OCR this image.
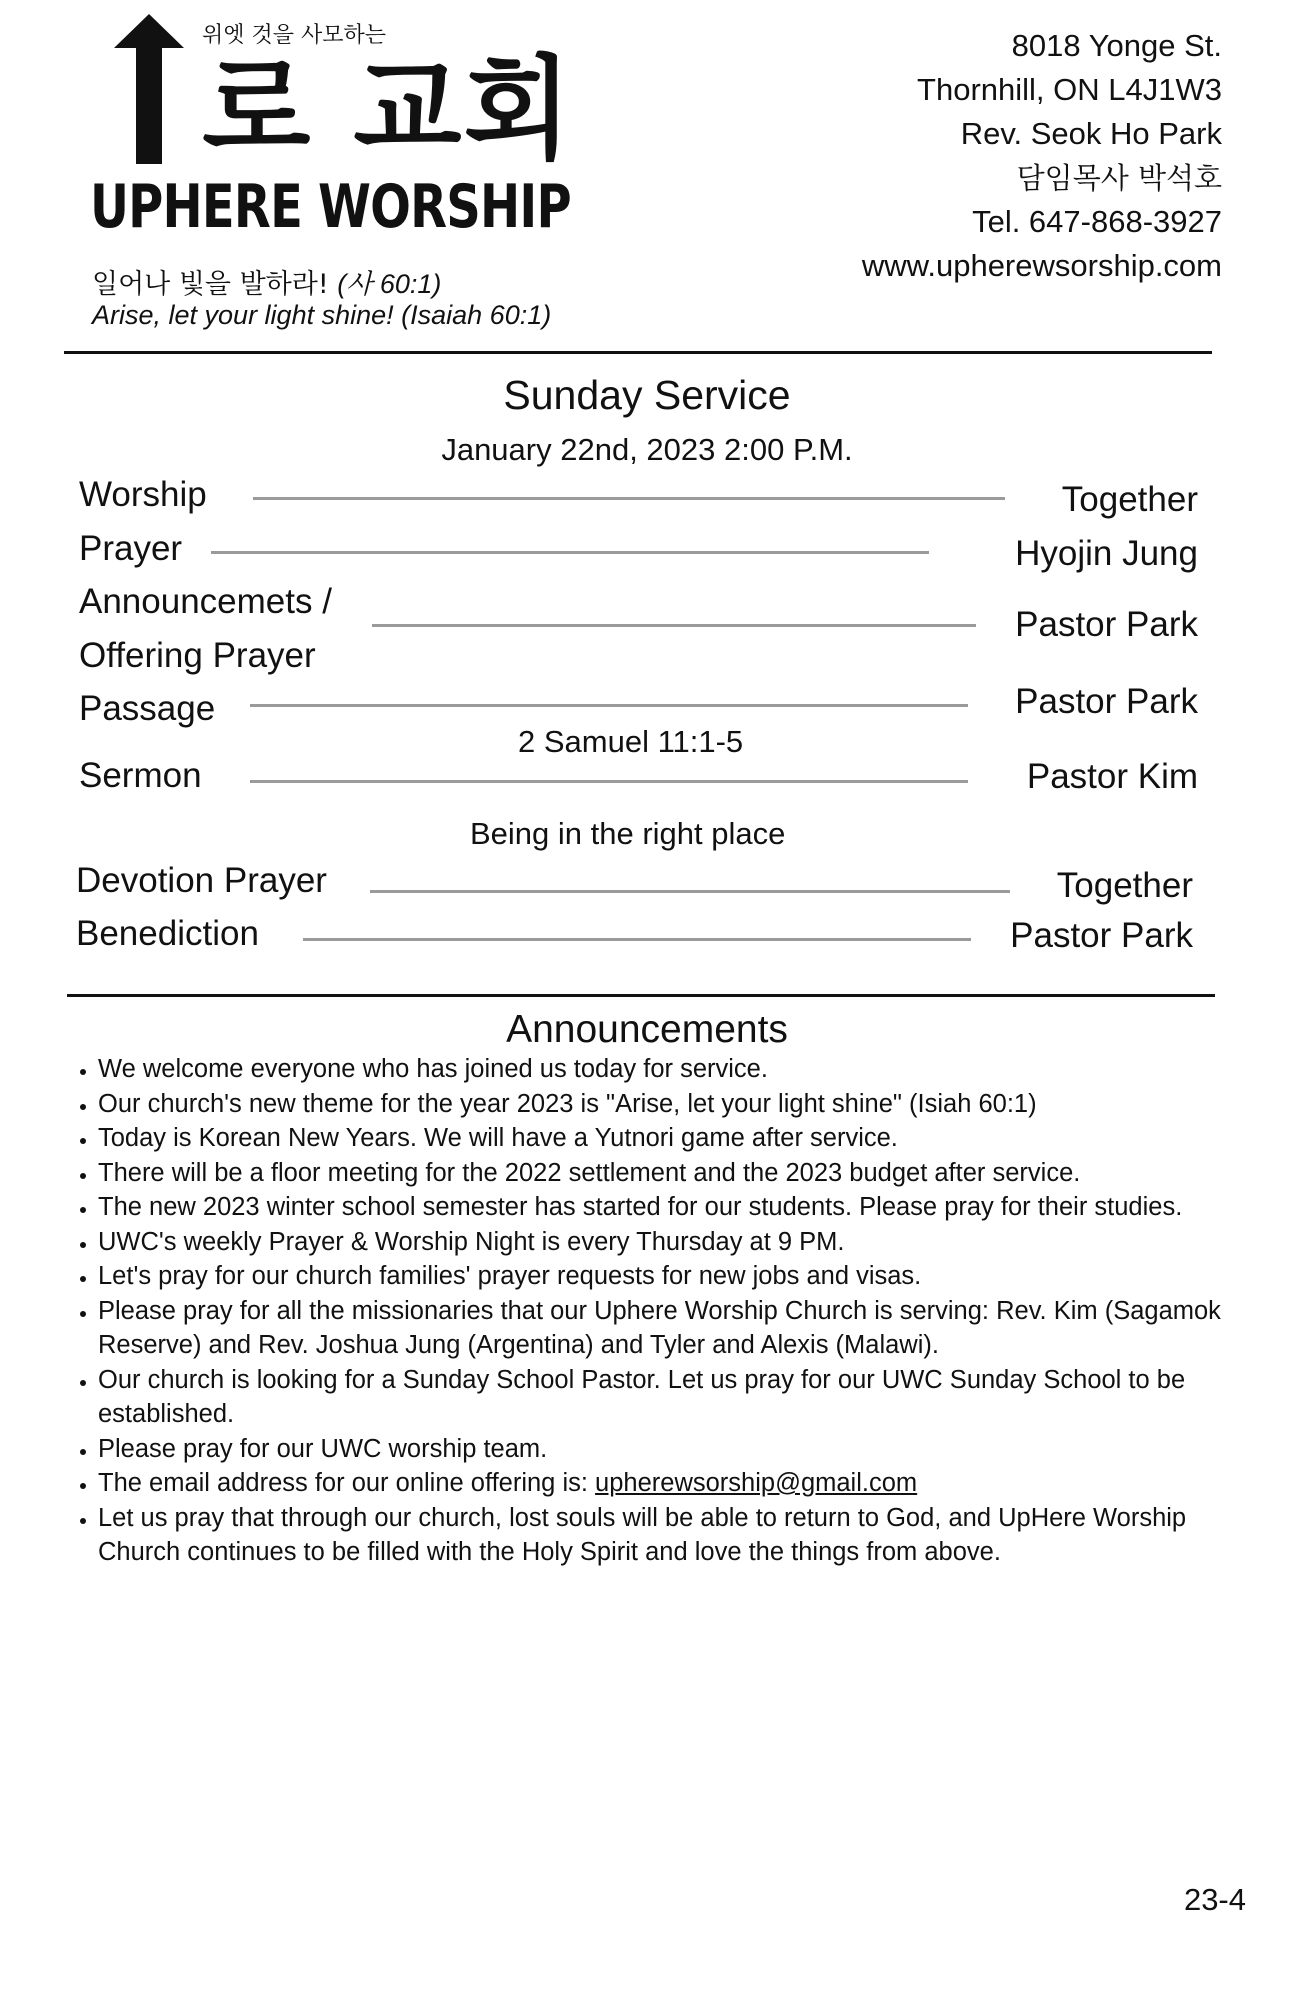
위엣 것을 사모하는
로 교회
UPHERE WORSHIP
일어나 빛을 발하라! (사 60:1)
Arise, let your light shine! (Isaiah 60:1)
8018 Yonge St.
Thornhill, ON L4J1W3
Rev. Seok Ho Park
담임목사 박석호
Tel. 647-868-3927
www.upherewsorship.com
Sunday Service
January 22nd, 2023 2:00 P.M.
Worship	Together
Prayer	Hyojin Jung
Announcemets /
Offering Prayer
Pastor Park
Passage	Pastor Park
2 Samuel 11:1-5
Sermon	Pastor Kim
Being in the right place
Devotion Prayer	Together
Benediction	Pastor Park
Announcements
• We welcome everyone who has joined us today for service.
• Our church's new theme for the year 2023 is "Arise, let your light shine" (Isiah 60:1)
• Today is Korean New Years. We will have a Yutnori game after service.
• There will be a floor meeting for the 2022 settlement and the 2023 budget after service.
• The new 2023 winter school semester has started for our students. Please pray for their studies.
• UWC's weekly Prayer & Worship Night is every Thursday at 9 PM.
• Let's pray for our church families' prayer requests for new jobs and visas.
• Please pray for all the missionaries that our Uphere Worship Church is serving: Rev. Kim (Sagamok Reserve) and Rev. Joshua Jung (Argentina) and Tyler and Alexis (Malawi).
• Our church is looking for a Sunday School Pastor. Let us pray for our UWC Sunday School to be established.
• Please pray for our UWC worship team.
• The email address for our online offering is: upherewsorship@gmail.com
• Let us pray that through our church, lost souls will be able to return to God, and UpHere Worship Church continues to be filled with the Holy Spirit and love the things from above.
23-4
